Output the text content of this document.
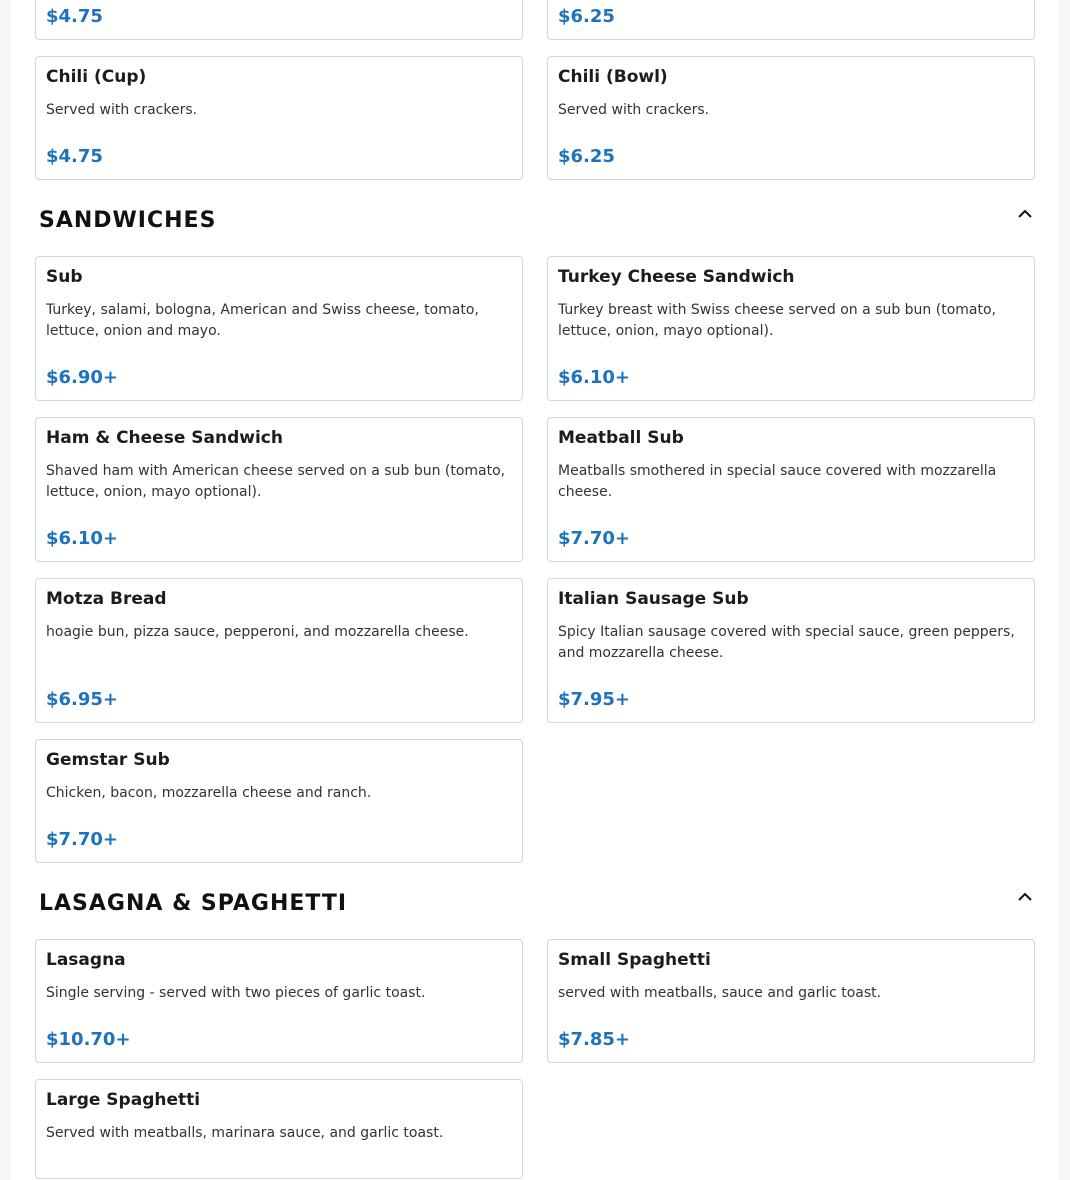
$4.75	$6.25
Chili (Cup)
Served with crackers.
$4.75
Chili (Bowl)
Served with crackers.
$6.25
SANDWICHES
Sub
Turkey, salami, bologna, American and Swiss cheese, tomato, lettuce, onion and mayo.
$6.90+
Turkey Cheese Sandwich
Turkey breast with Swiss cheese served on a sub bun (tomato, lettuce, onion, mayo optional).
$6.10+
Ham & Cheese Sandwich
Shaved ham with American cheese served on a sub bun (tomato, lettuce, onion, mayo optional).
$6.10+
Meatball Sub
Meatballs smothered in special sauce covered with mozzarella cheese.
$7.70+
Motza Bread
hoagie bun, pizza sauce, pepperoni, and mozzarella cheese.
$6.95+
Italian Sausage Sub
Spicy Italian sausage covered with special sauce, green peppers, and mozzarella cheese.
$7.95+
Gemstar Sub
Chicken, bacon, mozzarella cheese and ranch.
$7.70+
LASAGNA & SPAGHETTI
Lasagna
Single serving - served with two pieces of garlic toast.
$10.70+
Small Spaghetti
served with meatballs, sauce and garlic toast.
$7.85+
Large Spaghetti
Served with meatballs, marinara sauce, and garlic toast.
